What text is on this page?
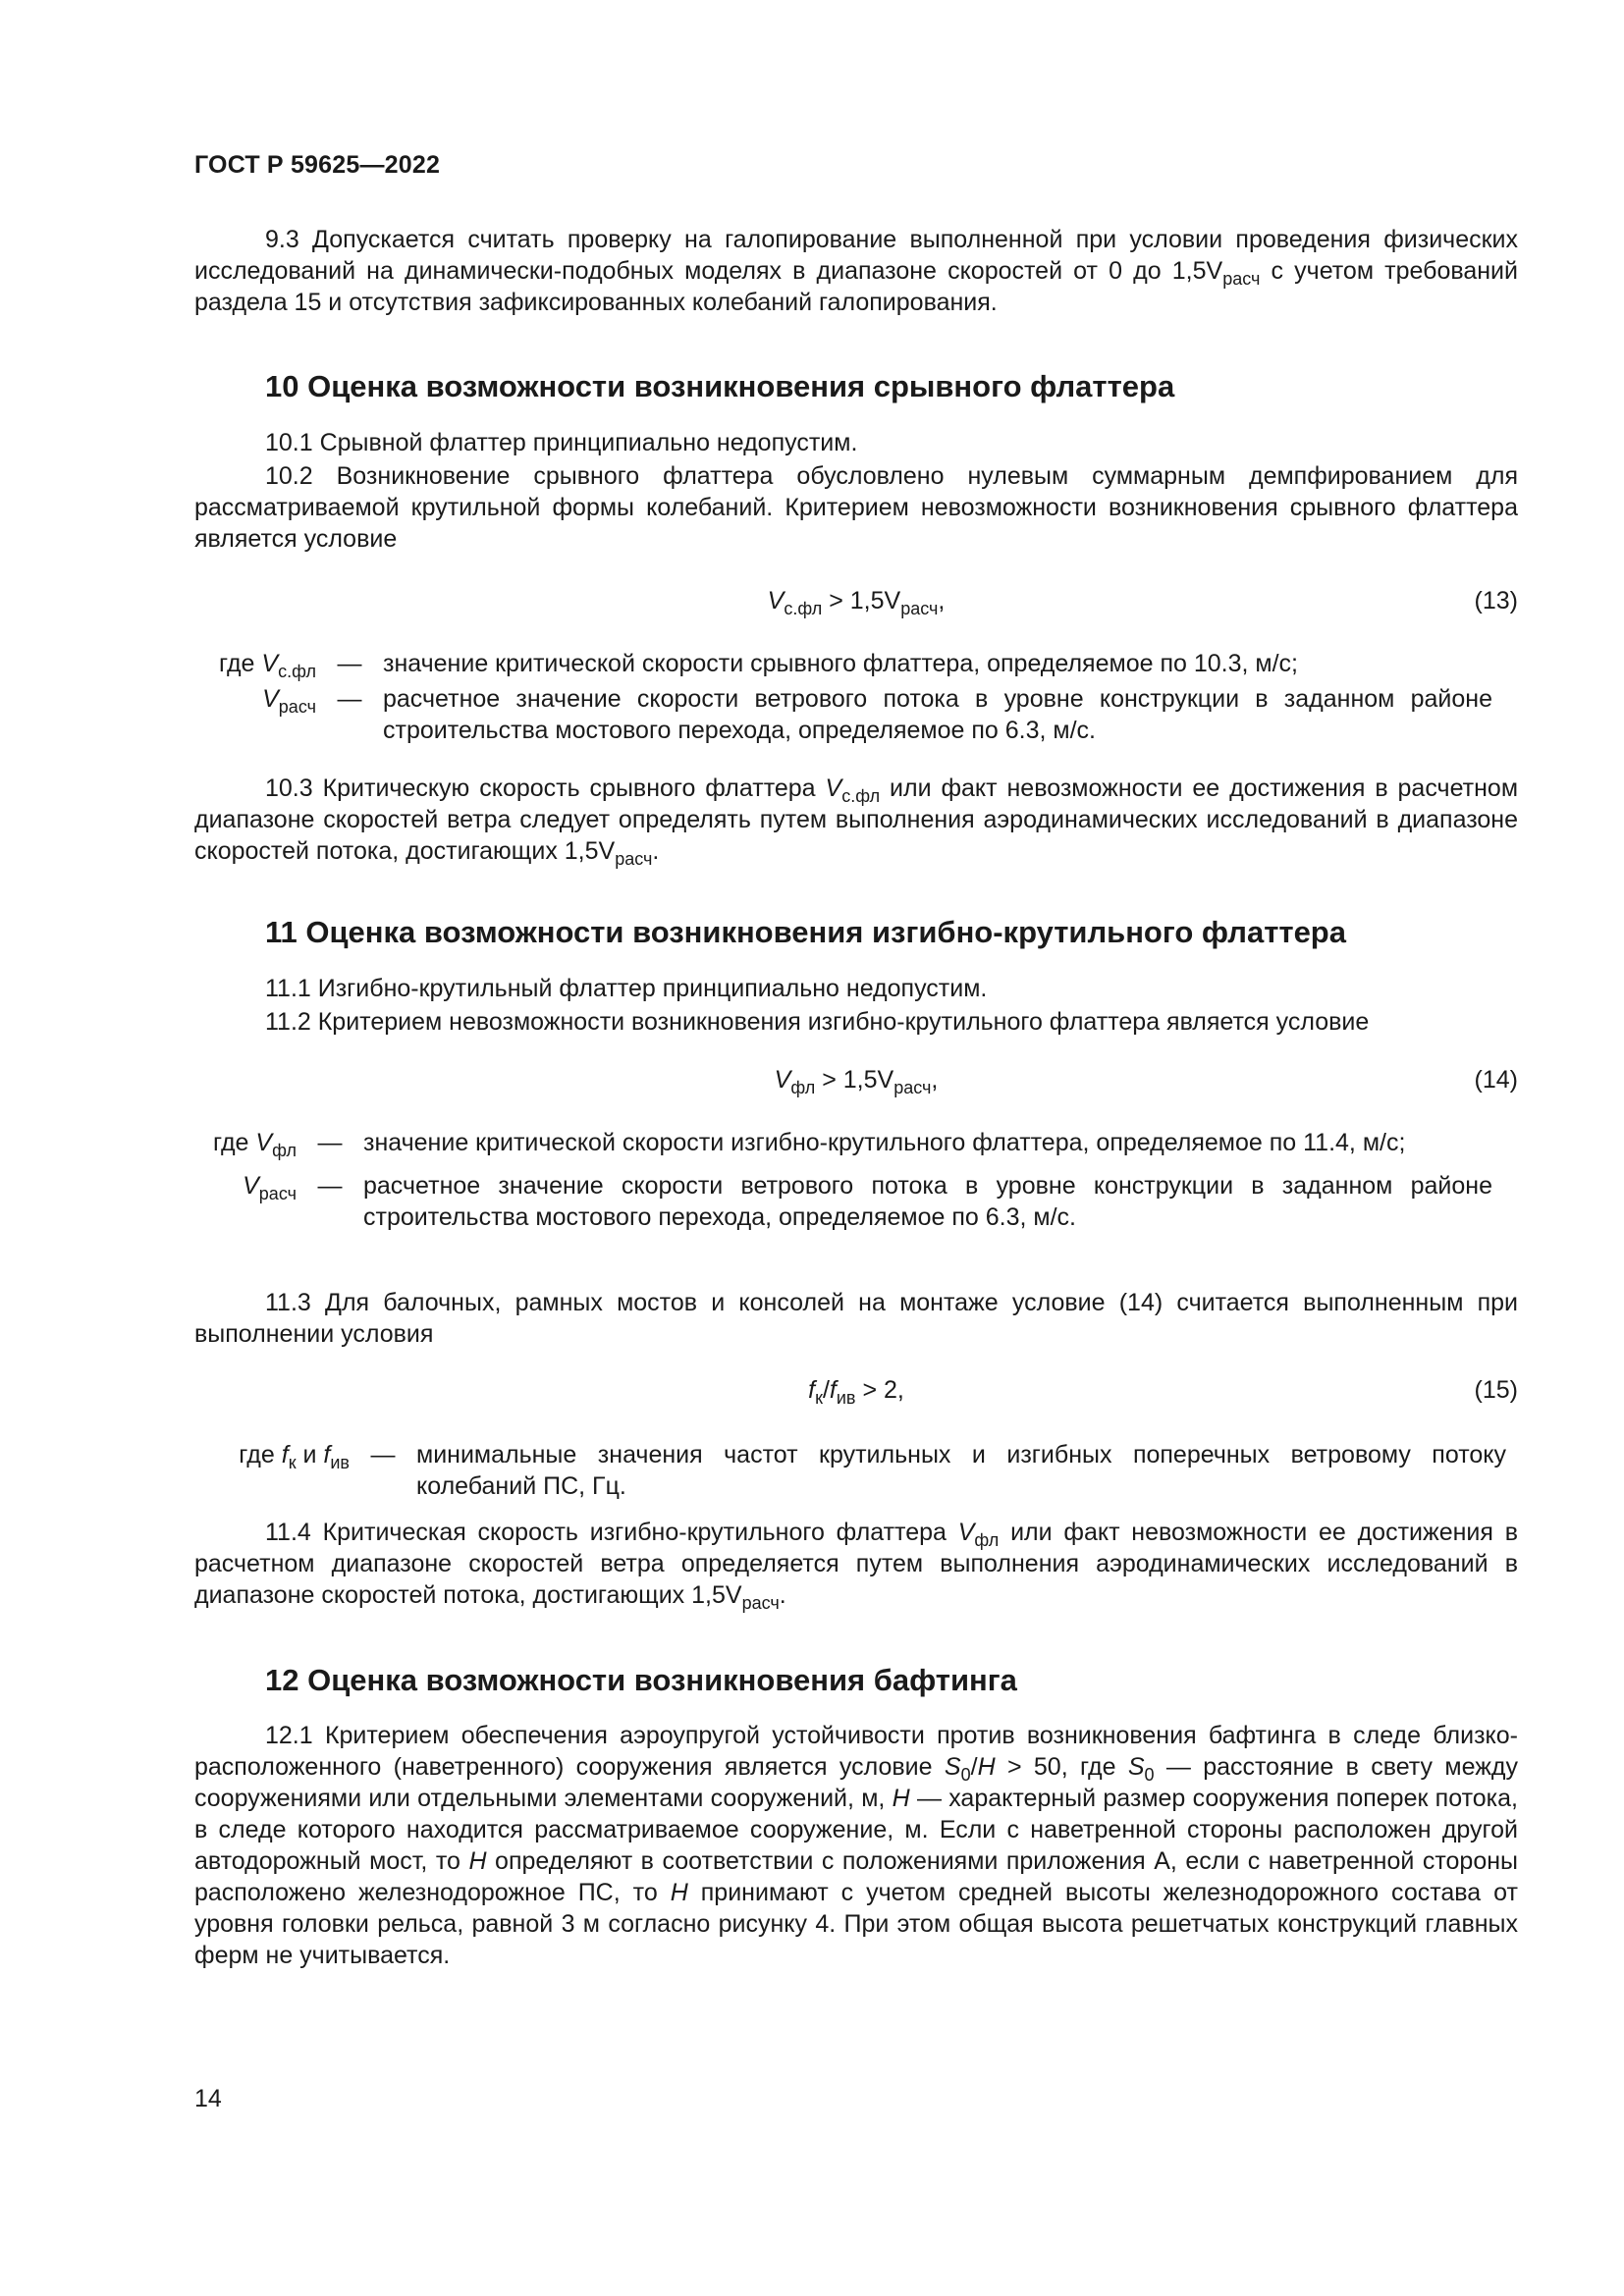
ГОСТ Р 59625—2022

9.3 Допускается считать проверку на галопирование выполненной при условии проведения физических исследований на динамически-подобных моделях в диапазоне скоростей от 0 до $1,5V_{расч}$ с учетом требований раздела 15 и отсутствия зафиксированных колебаний галопирования.

10 Оценка возможности возникновения срывного флаттера

10.1 Срывной флаттер принципиально недопустим.

10.2 Возникновение срывного флаттера обусловлено нулевым суммарным демпфированием для рассматриваемой крутильной формы колебаний. Критерием невозможности возникновения срывного флаттера является условие

$V_{с.фл} > 1,5V_{расч}$,	(13)
где $V_{с.фл}$ — значение критической скорости срывного флаттера, определяемое по 10.3, м/с;
$V_{расч}$ — расчетное значение скорости ветрового потока в уровне конструкции в заданном районе строительства мостового перехода, определяемое по 6.3, м/с.

10.3 Критическую скорость срывного флаттера $V_{с.фл}$ или факт невозможности ее достижения в расчетном диапазоне скоростей ветра следует определять путем выполнения аэродинамических исследований в диапазоне скоростей потока, достигающих $1,5V_{расч}$.

11 Оценка возможности возникновения изгибно-крутильного флаттера

11.1 Изгибно-крутильный флаттер принципиально недопустим.

11.2 Критерием невозможности возникновения изгибно-крутильного флаттера является условие

$V_{фл} > 1,5V_{расч}$,	(14)
где $V_{фл}$ — значение критической скорости изгибно-крутильного флаттера, определяемое по 11.4, м/с;
$V_{расч}$ — расчетное значение скорости ветрового потока в уровне конструкции в заданном районе строительства мостового перехода, определяемое по 6.3, м/с.

11.3 Для балочных, рамных мостов и консолей на монтаже условие (14) считается выполненным при выполнении условия

$f_к/f_{ив} > 2$,	(15)
где $f_к$ и $f_{ив}$ — минимальные значения частот крутильных и изгибных поперечных ветровому потоку колебаний ПС, Гц.

11.4 Критическая скорость изгибно-крутильного флаттера $V_{фл}$ или факт невозможности ее достижения в расчетном диапазоне скоростей ветра определяется путем выполнения аэродинамических исследований в диапазоне скоростей потока, достигающих $1,5V_{расч}$.

12 Оценка возможности возникновения бафтинга

12.1 Критерием обеспечения аэроупругой устойчивости против возникновения бафтинга в следе близко-расположенного (наветренного) сооружения является условие $S_0/H > 50$, где $S_0$ — расстояние в свету между сооружениями или отдельными элементами сооружений, м, H — характерный размер сооружения поперек потока, в следе которого находится рассматриваемое сооружение, м. Если с наветренной стороны расположен другой автодорожный мост, то H определяют в соответствии с положениями приложения А, если с наветренной стороны расположено железнодорожное ПС, то H принимают с учетом средней высоты железнодорожного состава от уровня головки рельса, равной 3 м согласно рисунку 4. При этом общая высота решетчатых конструкций главных ферм не учитывается.

14
